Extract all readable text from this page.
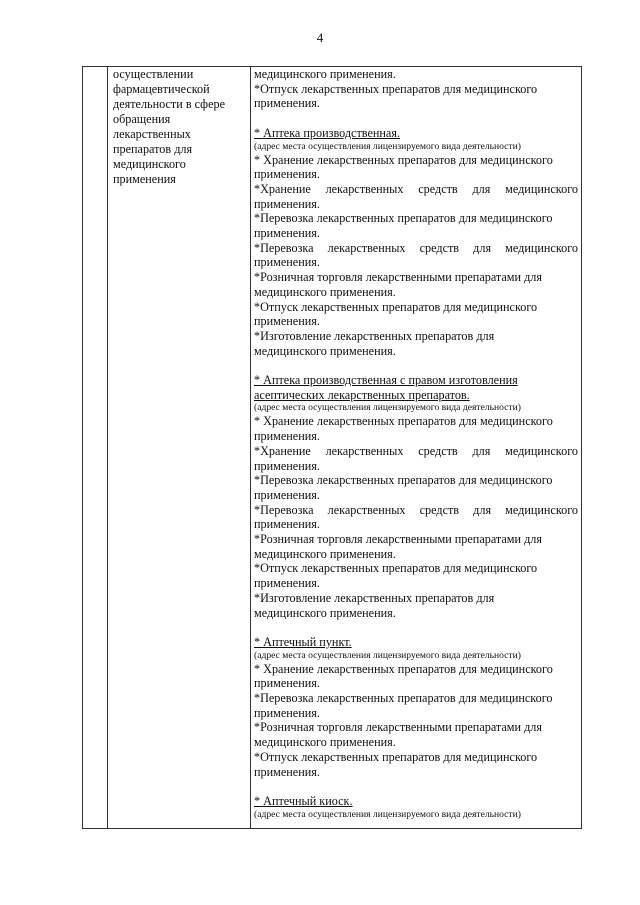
4
осуществлении
фармацевтической
деятельности в сфере
обращения
лекарственных
препаратов для
медицинского
применения
медицинского применения.
*Отпуск лекарственных препаратов для медицинского
применения.
* Аптека производственная.
(адрес места осуществления лицензируемого вида деятельности)
* Хранение лекарственных препаратов для медицинского
применения.
*Хранение лекарственных средств для медицинского
применения.
*Перевозка лекарственных препаратов для медицинского
применения.
*Перевозка лекарственных средств для медицинского
применения.
*Розничная торговля лекарственными препаратами для
медицинского применения.
*Отпуск лекарственных препаратов для медицинского
применения.
*Изготовление лекарственных препаратов для
медицинского применения.
* Аптека производственная с правом изготовления
асептических лекарственных препаратов.
(адрес места осуществления лицензируемого вида деятельности)
* Хранение лекарственных препаратов для медицинского
применения.
*Хранение лекарственных средств для медицинского
применения.
*Перевозка лекарственных препаратов для медицинского
применения.
*Перевозка лекарственных средств для медицинского
применения.
*Розничная торговля лекарственными препаратами для
медицинского применения.
*Отпуск лекарственных препаратов для медицинского
применения.
*Изготовление лекарственных препаратов для
медицинского применения.
* Аптечный пункт.
(адрес места осуществления лицензируемого вида деятельности)
* Хранение лекарственных препаратов для медицинского
применения.
*Перевозка лекарственных препаратов для медицинского
применения.
*Розничная торговля лекарственными препаратами для
медицинского применения.
*Отпуск лекарственных препаратов для медицинского
применения.
* Аптечный киоск.
(адрес места осуществления лицензируемого вида деятельности)
